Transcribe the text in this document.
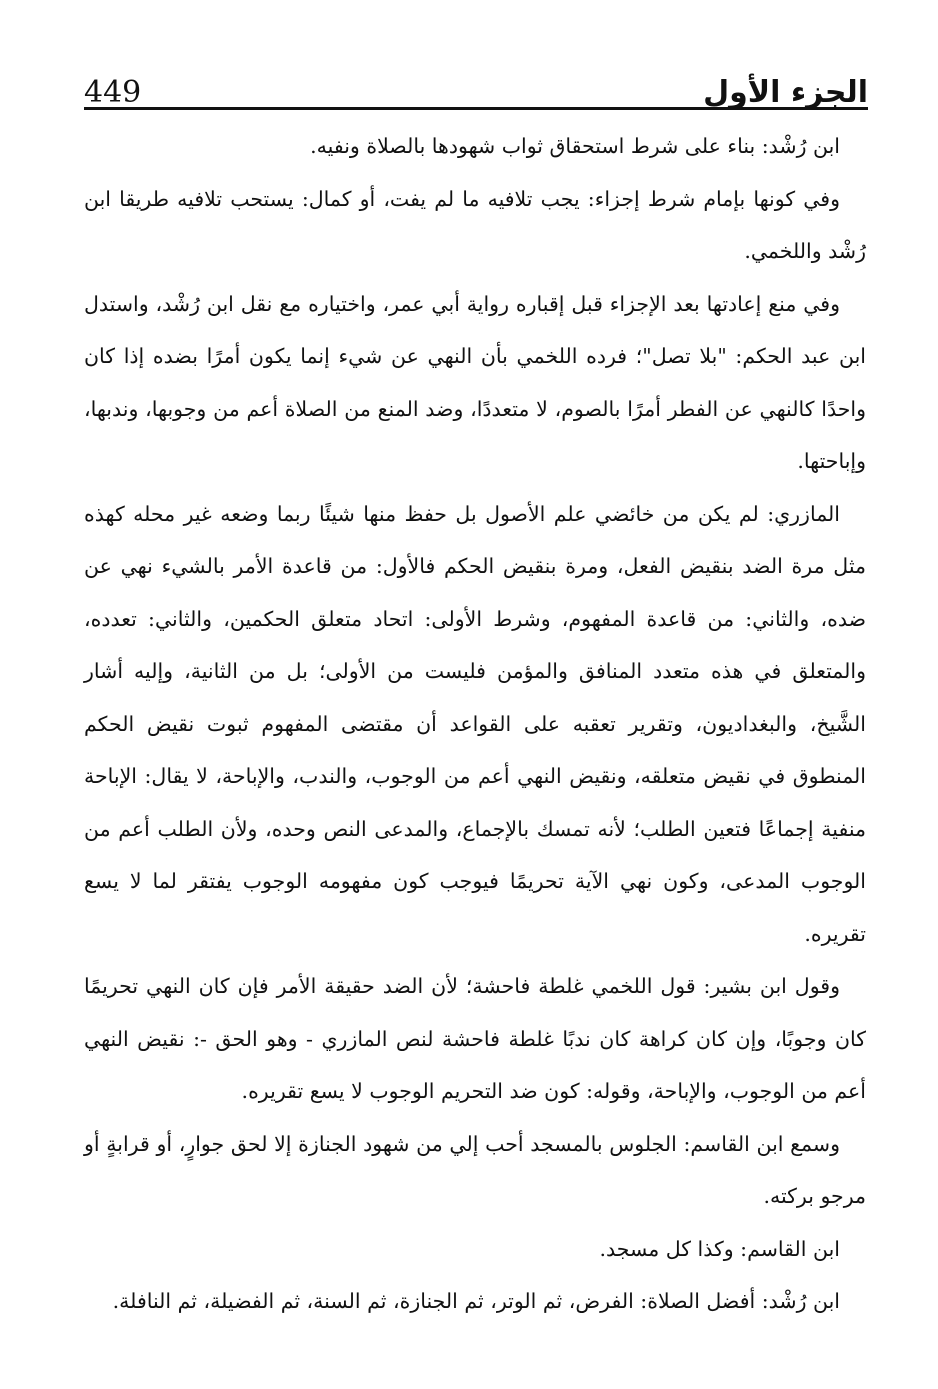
449	الجزء الأول

ابن رُشْد: بناء على شرط استحقاق ثواب شهودها بالصلاة ونفيه.

وفي كونها بإمام شرط إجزاء: يجب تلافيه ما لم يفت، أو كمال: يستحب تلافيه طريقا ابن رُشْد واللخمي.

وفي منع إعادتها بعد الإجزاء قبل إقباره رواية أبي عمر، واختياره مع نقل ابن رُشْد، واستدل ابن عبد الحكم: "بلا تصل"؛ فرده اللخمي بأن النهي عن شيء إنما يكون أمرًا بضده إذا كان واحدًا كالنهي عن الفطر أمرًا بالصوم، لا متعددًا، وضد المنع من الصلاة أعم من وجوبها، وندبها، وإباحتها.

المازري: لم يكن من خائضي علم الأصول بل حفظ منها شيئًا ربما وضعه غير محله كهذه مثل مرة الضد بنقيض الفعل، ومرة بنقيض الحكم فالأول: من قاعدة الأمر بالشيء نهي عن ضده، والثاني: من قاعدة المفهوم، وشرط الأولى: اتحاد متعلق الحكمين، والثاني: تعدده، والمتعلق في هذه متعدد المنافق والمؤمن فليست من الأولى؛ بل من الثانية، وإليه أشار الشَّيخ، والبغداديون، وتقرير تعقبه على القواعد أن مقتضى المفهوم ثبوت نقيض الحكم المنطوق في نقيض متعلقه، ونقيض النهي أعم من الوجوب، والندب، والإباحة، لا يقال: الإباحة منفية إجماعًا فتعين الطلب؛ لأنه تمسك بالإجماع، والمدعى النص وحده، ولأن الطلب أعم من الوجوب المدعى، وكون نهي الآية تحريمًا فيوجب كون مفهومه الوجوب يفتقر لما لا يسع تقريره.

وقول ابن بشير: قول اللخمي غلطة فاحشة؛ لأن الضد حقيقة الأمر فإن كان النهي تحريمًا كان وجوبًا، وإن كان كراهة كان ندبًا غلطة فاحشة لنص المازري - وهو الحق -: نقيض النهي أعم من الوجوب، والإباحة، وقوله: كون ضد التحريم الوجوب لا يسع تقريره.

وسمع ابن القاسم: الجلوس بالمسجد أحب إلي من شهود الجنازة إلا لحق جوارٍ، أو قرابةٍ أو مرجو بركته.

ابن القاسم: وكذا كل مسجد.

ابن رُشْد: أفضل الصلاة: الفرض، ثم الوتر، ثم الجنازة، ثم السنة، ثم الفضيلة، ثم النافلة.
